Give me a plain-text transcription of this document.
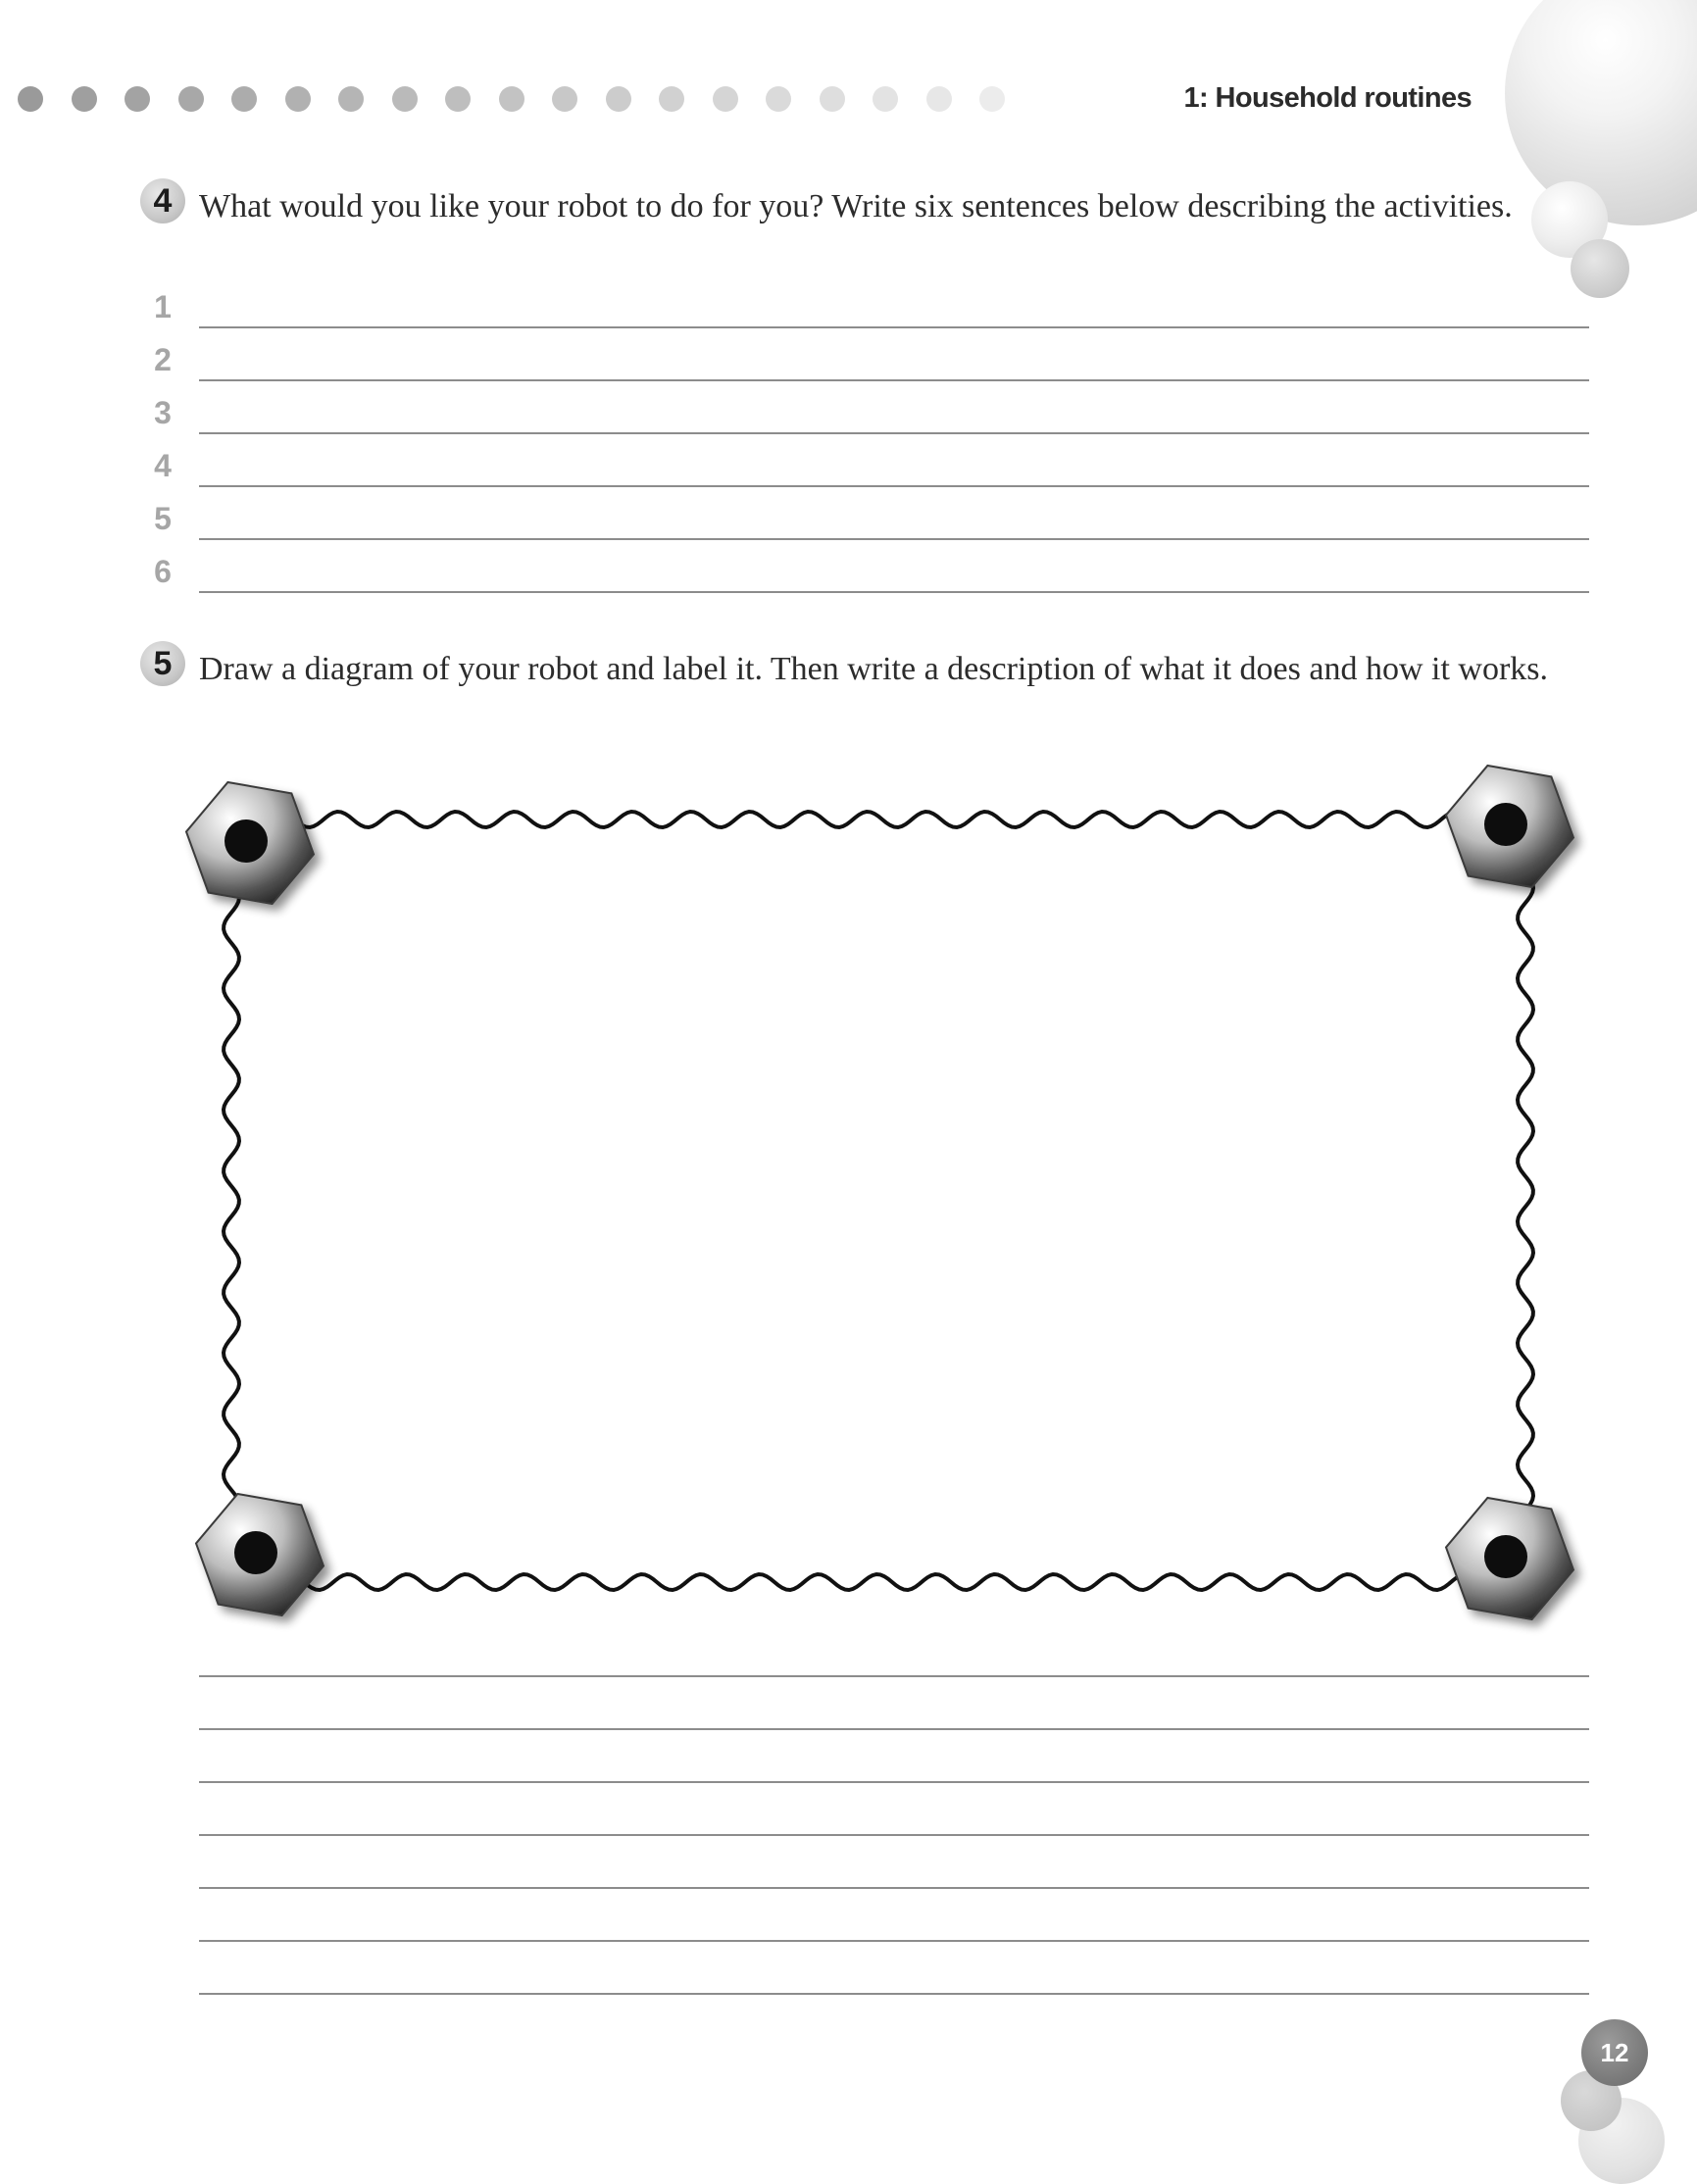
1: Household routines
4 What would you like your robot to do for you? Write six sentences below describing the activities.
1
2
3
4
5
6
5 Draw a diagram of your robot and label it. Then write a description of what it does and how it works.
12
